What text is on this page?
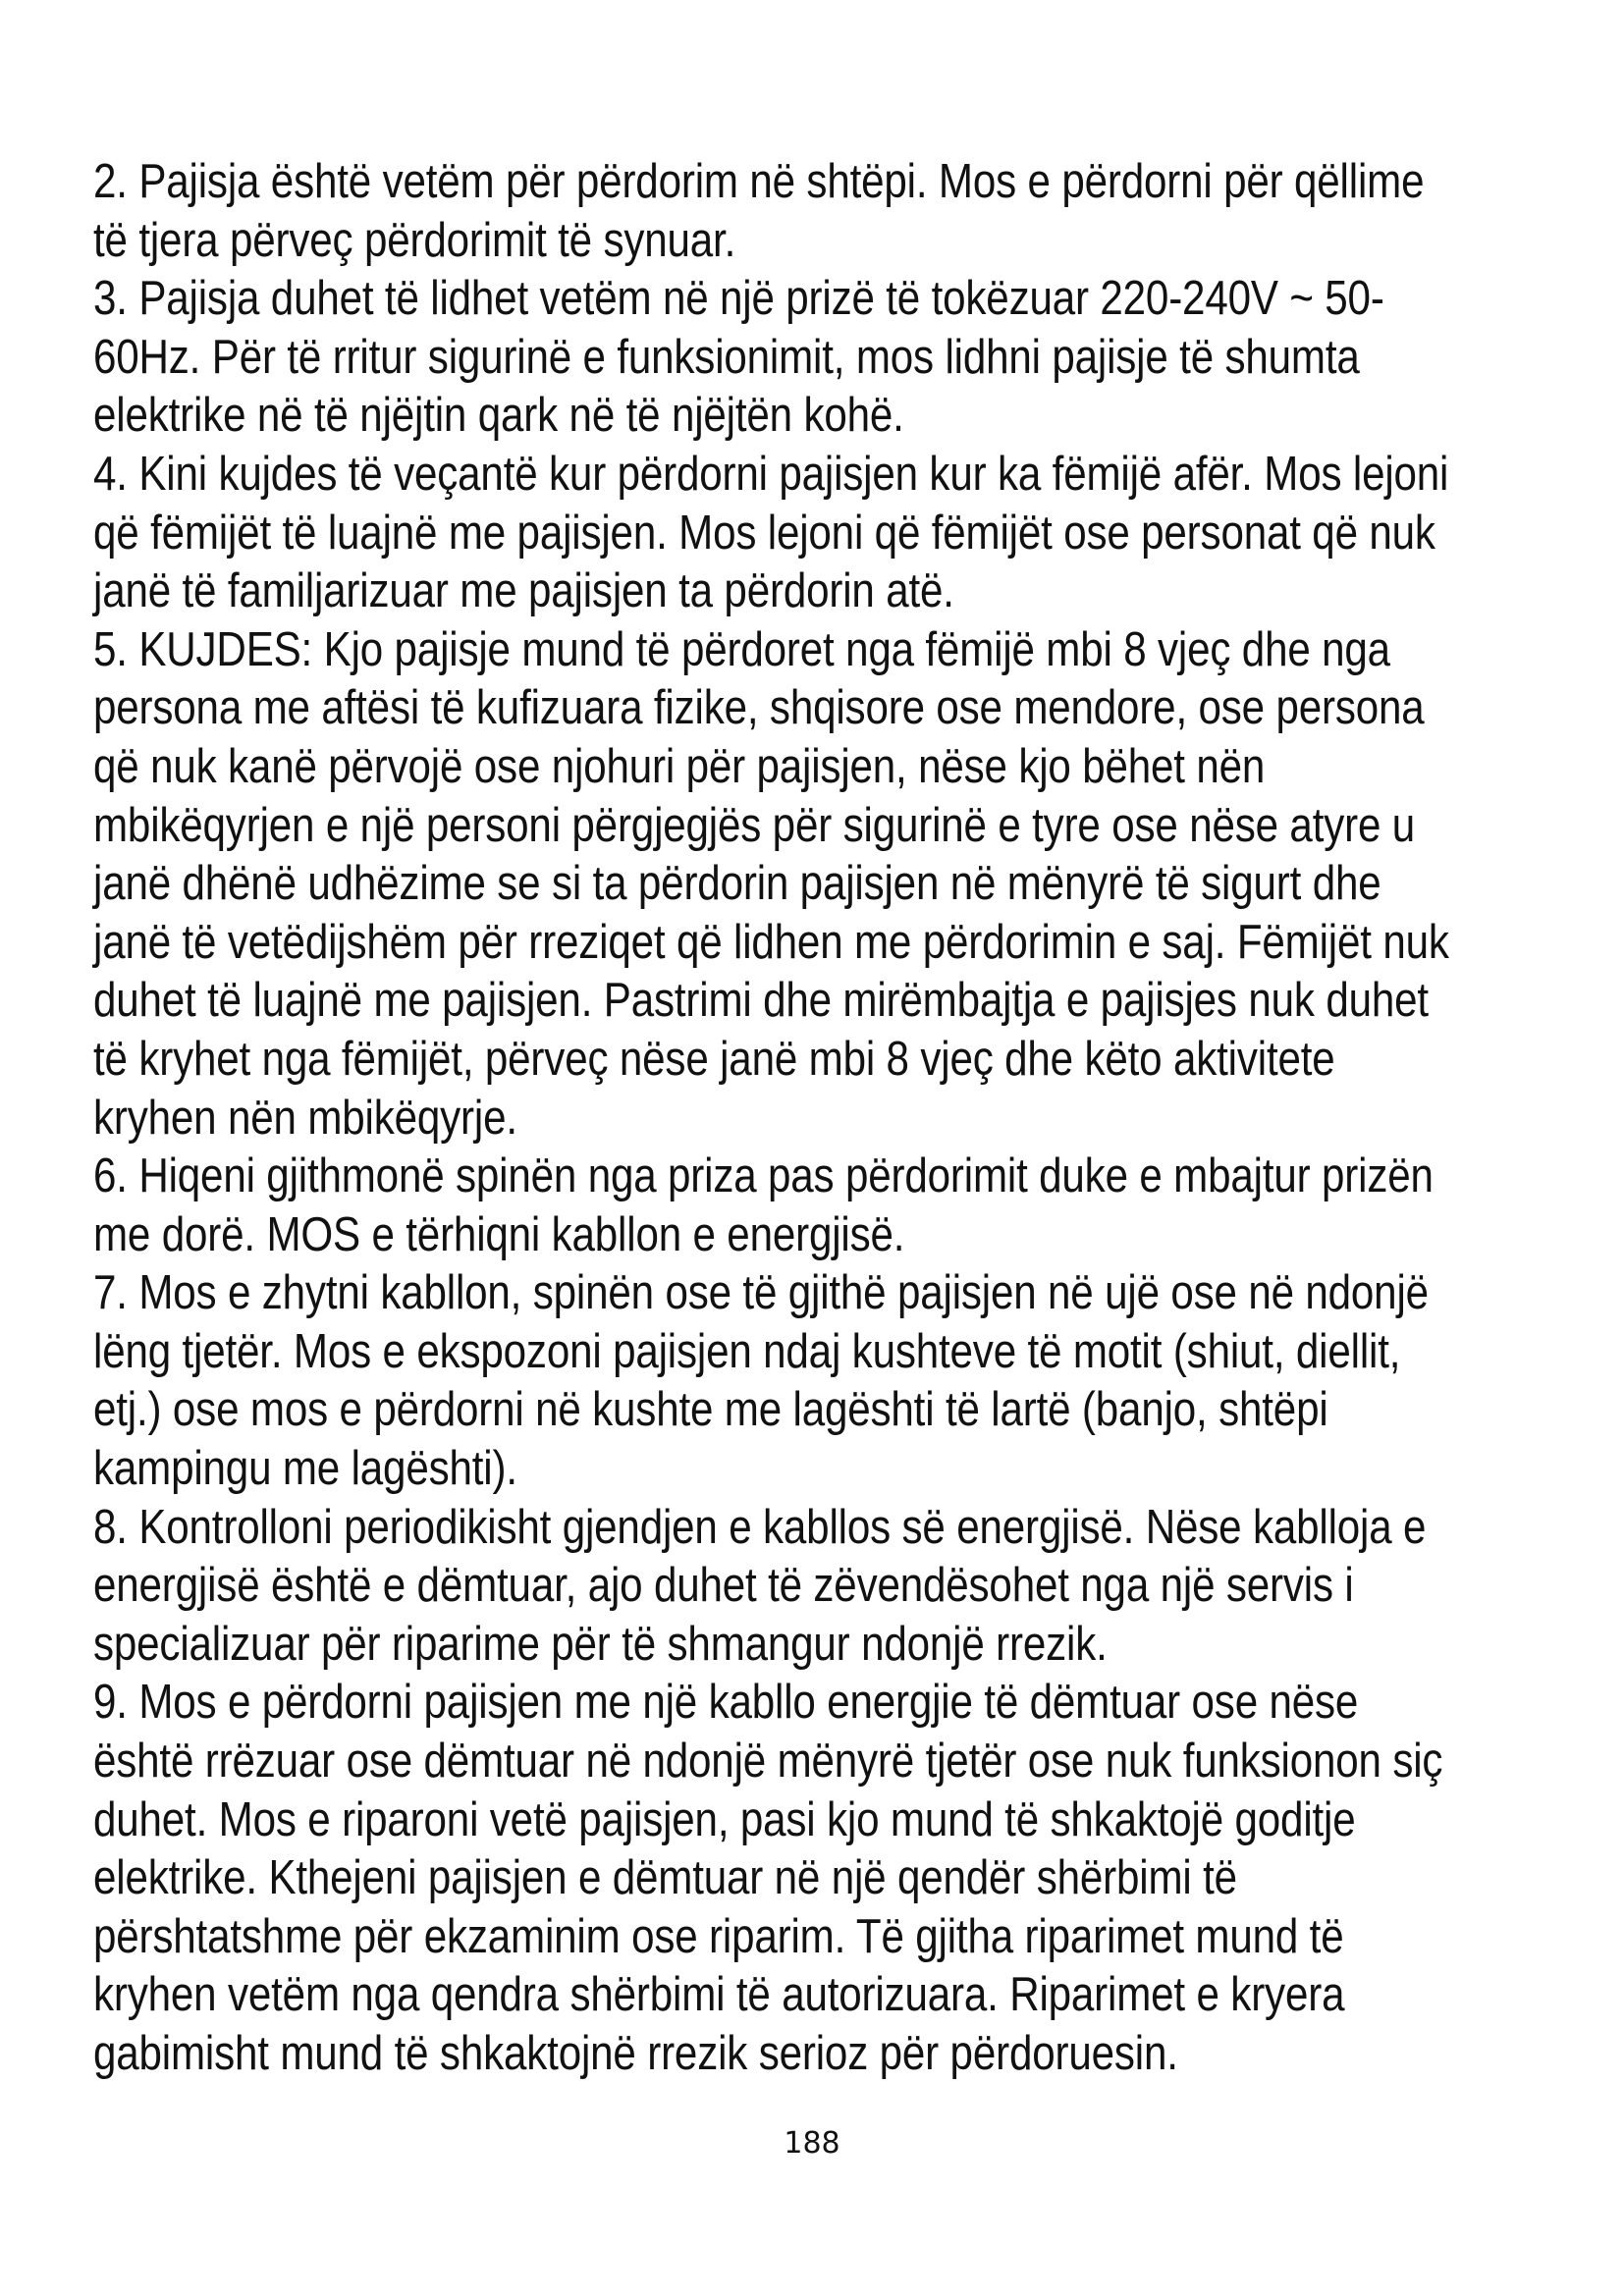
2. Pajisja është vetëm për përdorim në shtëpi. Mos e përdorni për qëllime
të tjera përveç përdorimit të synuar.
3. Pajisja duhet të lidhet vetëm në një prizë të tokëzuar 220-240V ~ 50-
60Hz. Për të rritur sigurinë e funksionimit, mos lidhni pajisje të shumta
elektrike në të njëjtin qark në të njëjtën kohë.
4. Kini kujdes të veçantë kur përdorni pajisjen kur ka fëmijë afër. Mos lejoni
që fëmijët të luajnë me pajisjen. Mos lejoni që fëmijët ose personat që nuk
janë të familjarizuar me pajisjen ta përdorin atë.
5. KUJDES: Kjo pajisje mund të përdoret nga fëmijë mbi 8 vjeç dhe nga
persona me aftësi të kufizuara fizike, shqisore ose mendore, ose persona
që nuk kanë përvojë ose njohuri për pajisjen, nëse kjo bëhet nën
mbikëqyrjen e një personi përgjegjës për sigurinë e tyre ose nëse atyre u
janë dhënë udhëzime se si ta përdorin pajisjen në mënyrë të sigurt dhe
janë të vetëdijshëm për rreziqet që lidhen me përdorimin e saj. Fëmijët nuk
duhet të luajnë me pajisjen. Pastrimi dhe mirëmbajtja e pajisjes nuk duhet
të kryhet nga fëmijët, përveç nëse janë mbi 8 vjeç dhe këto aktivitete
kryhen nën mbikëqyrje.
6. Hiqeni gjithmonë spinën nga priza pas përdorimit duke e mbajtur prizën
me dorë. MOS e tërhiqni kabllon e energjisë.
7. Mos e zhytni kabllon, spinën ose të gjithë pajisjen në ujë ose në ndonjë
lëng tjetër. Mos e ekspozoni pajisjen ndaj kushteve të motit (shiut, diellit,
etj.) ose mos e përdorni në kushte me lagështi të lartë (banjo, shtëpi
kampingu me lagështi).
8. Kontrolloni periodikisht gjendjen e kabllos së energjisë. Nëse kablloja e
energjisë është e dëmtuar, ajo duhet të zëvendësohet nga një servis i
specializuar për riparime për të shmangur ndonjë rrezik.
9. Mos e përdorni pajisjen me një kabllo energjie të dëmtuar ose nëse
është rrëzuar ose dëmtuar në ndonjë mënyrë tjetër ose nuk funksionon siç
duhet. Mos e riparoni vetë pajisjen, pasi kjo mund të shkaktojë goditje
elektrike. Kthejeni pajisjen e dëmtuar në një qendër shërbimi të
përshtatshme për ekzaminim ose riparim. Të gjitha riparimet mund të
kryhen vetëm nga qendra shërbimi të autorizuara. Riparimet e kryera
gabimisht mund të shkaktojnë rrezik serioz për përdoruesin.
188
